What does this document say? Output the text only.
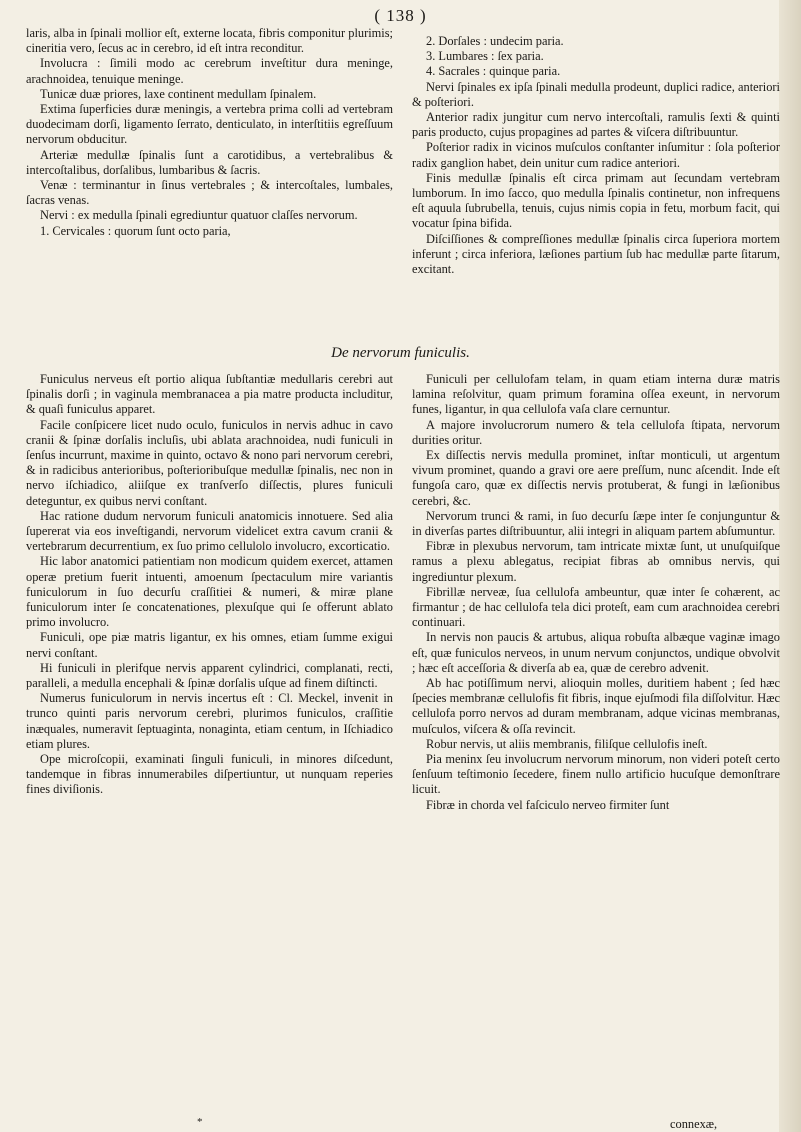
( 138 )

laris, alba in ſpinali mollior eſt, externe locata, fibris componitur plurimis; cineritia vero, ſecus ac in cerebro, id eſt intra reconditur.

Involucra : ſimili modo ac cerebrum inveſtitur dura meninge, arachnoidea, tenuique meninge.

Tunicæ duæ priores, laxe continent medullam ſpinalem.

Extima ſuperficies duræ meningis, a vertebra prima colli ad vertebram duodecimam dorſi, ligamento ſerrato, denticulato, in interſtitiis egreſſuum nervorum obducitur.

Arteriæ medullæ ſpinalis ſunt a carotidibus, a vertebralibus & intercoſtalibus, dorſalibus, lumbaribus & ſacris.

Venæ : terminantur in ſinus vertebrales ; & intercoſtales, lumbales, ſacras venas.

Nervi : ex medulla ſpinali egrediuntur quatuor claſſes nervorum.

1. Cervicales : quorum ſunt octo paria,

2. Dorſales : undecim paria.

3. Lumbares : ſex paria.

4. Sacrales : quinque paria.

Nervi ſpinales ex ipſa ſpinali medulla prodeunt, duplici radice, anteriori & poſteriori.

Anterior radix jungitur cum nervo intercoſtali, ramulis ſexti & quinti paris producto, cujus propagines ad partes & viſcera diſtribuuntur.

Poſterior radix in vicinos muſculos conſtanter inſumitur : ſola poſterior radix ganglion habet, dein unitur cum radice anteriori.

Finis medullæ ſpinalis eſt circa primam aut ſecundam vertebram lumborum. In imo ſacco, quo medulla ſpinalis continetur, non infrequens eſt aquula ſubrubella, tenuis, cujus nimis copia in fetu, morbum facit, qui vocatur ſpina bifida.

Diſciſſiones & compreſſiones medullæ ſpinalis circa ſuperiora mortem inferunt ; circa inferiora, læſiones partium ſub hac medullæ parte ſitarum, excitant.

De nervorum funiculis.

Funiculus nerveus eſt portio aliqua ſubſtantiæ medullaris cerebri aut ſpinalis dorſi ; in vaginula membranacea a pia matre producta includitur, & quaſi funiculus apparet.

Facile conſpicere licet nudo oculo, funiculos in nervis adhuc in cavo cranii & ſpinæ dorſalis incluſis, ubi ablata arachnoidea, nudi funiculi in ſenſus incurrunt, maxime in quinto, octavo & nono pari nervorum cerebri, & in radicibus anterioribus, poſterioribuſque medullæ ſpinalis, nec non in nervo iſchiadico, aliiſque ex tranſverſo diſſectis, plures funiculi deteguntur, ex quibus nervi conſtant.

Hac ratione dudum nervorum funiculi anatomicis innotuere. Sed alia ſupererat via eos inveſtigandi, nervorum videlicet extra cavum cranii & vertebrarum decurrentium, ex ſuo primo cellulolo involucro, excorticatio.

Hic labor anatomici patientiam non modicum quidem exercet, attamen operæ pretium fuerit intuenti, amoenum ſpectaculum mire variantis funiculorum in ſuo decurſu craſſitiei & numeri, & miræ plane funiculorum inter ſe concatenationes, plexuſque qui ſe offerunt ablato primo involucro.

Funiculi, ope piæ matris ligantur, ex his omnes, etiam ſumme exigui nervi conſtant.

Hi funiculi in plerifque nervis apparent cylindrici, complanati, recti, paralleli, a medulla encephali & ſpinæ dorſalis uſque ad finem diſtincti.

Numerus funiculorum in nervis incertus eſt : Cl. Meckel, invenit in trunco quinti paris nervorum cerebri, plurimos funiculos, craſſitie inæquales, numeravit ſeptuaginta, nonaginta, etiam centum, in Iſchiadico etiam plures.

Ope microſcopii, examinati ſinguli funiculi, in minores diſcedunt, tandemque in fibras innumerabiles diſpertiuntur, ut nunquam reperies fines diviſionis.

Funiculi per cellulofam telam, in quam etiam interna duræ matris lamina reſolvitur, quam primum foramina oſſea exeunt, in nervorum funes, ligantur, in qua cellulofa vaſa clare cernuntur.

A majore involucrorum numero & tela cellulofa ſtipata, nervorum durities oritur.

Ex diſſectis nervis medulla prominet, inſtar monticuli, ut argentum vivum prominet, quando a gravi ore aere preſſum, nunc aſcendit. Inde eſt fungoſa caro, quæ ex diſſectis nervis protuberat, & fungi in læſionibus cerebri, &c.

Nervorum trunci & rami, in ſuo decurſu ſæpe inter ſe conjunguntur & in diverſas partes diſtribuuntur, alii integri in aliquam partem abſumuntur.

Fibræ in plexubus nervorum, tam intricate mixtæ ſunt, ut unuſquiſque ramus a plexu ablegatus, recipiat fibras ab omnibus nervis, qui ingrediuntur plexum.

Fibrillæ nerveæ, ſua cellulofa ambeuntur, quæ inter ſe cohærent, ac firmantur ; de hac cellulofa tela dici proteſt, eam cum arachnoidea cerebri continuari.

In nervis non paucis & artubus, aliqua robuſta albæque vaginæ imago eſt, quæ funiculos nerveos, in unum nervum conjunctos, undique obvolvit ; hæc eſt acceſſoria & diverſa ab ea, quæ de cerebro advenit.

Ab hac potiſſimum nervi, alioquin molles, duritiem habent ; ſed hæc ſpecies membranæ cellulofis fit fibris, inque ejuſmodi fila diſſolvitur. Hæc cellulofa porro nervos ad duram membranam, adque vicinas membranas, muſculos, viſcera & oſſa revincit.

Robur nervis, ut aliis membranis, filiſque cellulofis ineſt.

Pia meninx ſeu involucrum nervorum minorum, non videri poteſt certo ſenſuum teſtimonio ſecedere, finem nullo artificio hucuſque demonſtrare licuit.

Fibræ in chorda vel faſciculo nerveo firmiter ſunt

*	connexæ,
